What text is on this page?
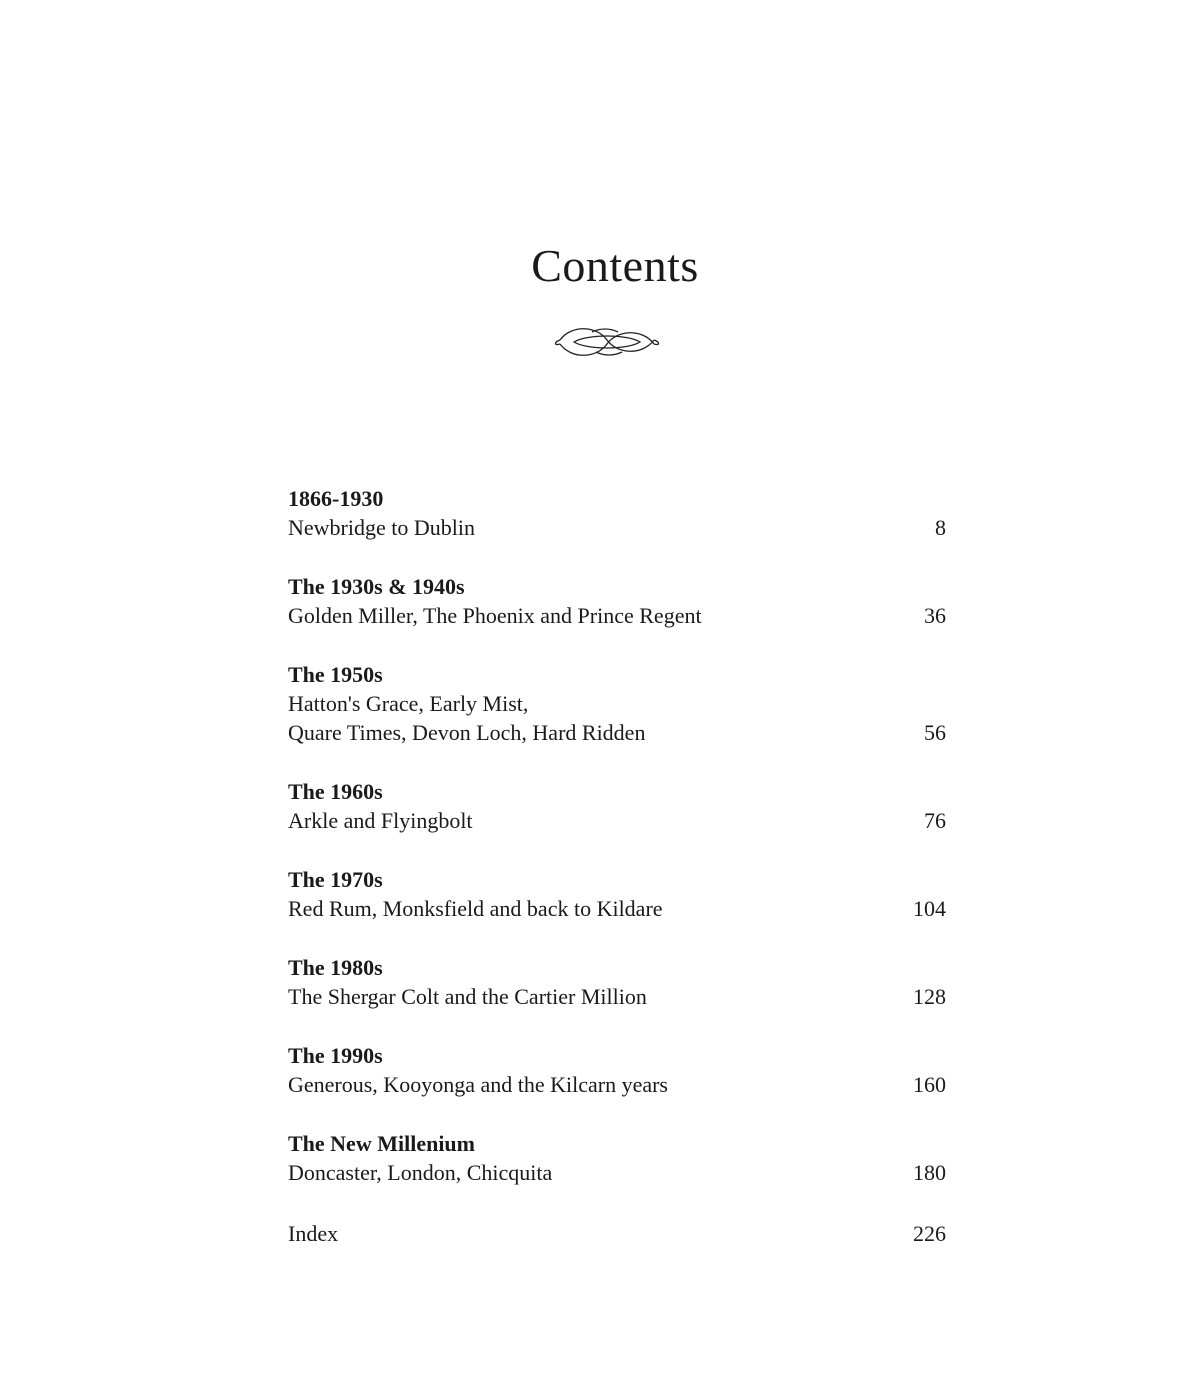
Contents
1866-1930
Newbridge to Dublin	8
The 1930s & 1940s
Golden Miller, The Phoenix and Prince Regent	36
The 1950s
Hatton's Grace, Early Mist,
Quare Times, Devon Loch, Hard Ridden	56
The 1960s
Arkle and Flyingbolt	76
The 1970s
Red Rum, Monksfield and back to Kildare	104
The 1980s
The Shergar Colt and the Cartier Million	128
The 1990s
Generous, Kooyonga and the Kilcarn years	160
The New Millenium
Doncaster, London, Chicquita	180
Index	226
